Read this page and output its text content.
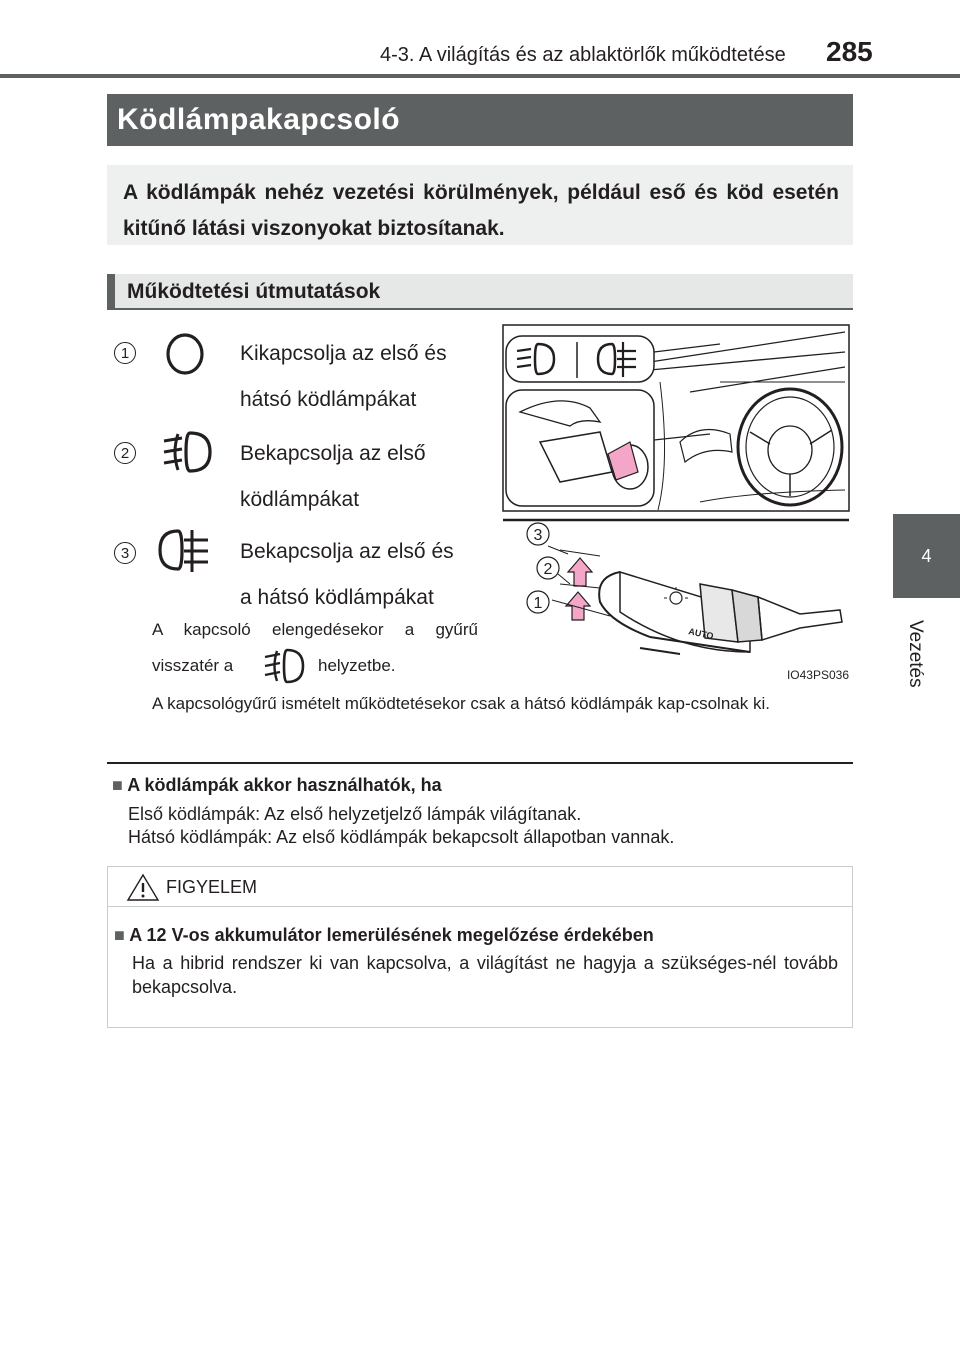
4-3. A világítás és az ablaktörlők működtetése 285
4
Vezetés
Ködlámpakapcsoló
A ködlámpák nehéz vezetési körülmények, például eső és köd esetén kitűnő látási viszonyokat biztosítanak.
Működtetési útmutatások
1	Kikapcsolja az első és
hátsó ködlámpákat
2	Bekapcsolja az első
ködlámpákat
3	Bekapcsolja az első és
a hátsó ködlámpákat
A kapcsoló elengedésekor a gyűrű
visszatér a	helyzetbe.
A kapcsológyűrű ismételt működtetésekor csak a hátsó ködlámpák kap-csolnak ki.
AUTO
3
2
1
IO43PS036
■ A ködlámpák akkor használhatók, ha
Első ködlámpák: Az első helyzetjelző lámpák világítanak.
Hátsó ködlámpák: Az első ködlámpák bekapcsolt állapotban vannak.
FIGYELEM
■ A 12 V-os akkumulátor lemerülésének megelőzése érdekében
Ha a hibrid rendszer ki van kapcsolva, a világítást ne hagyja a szükséges-nél tovább bekapcsolva.
